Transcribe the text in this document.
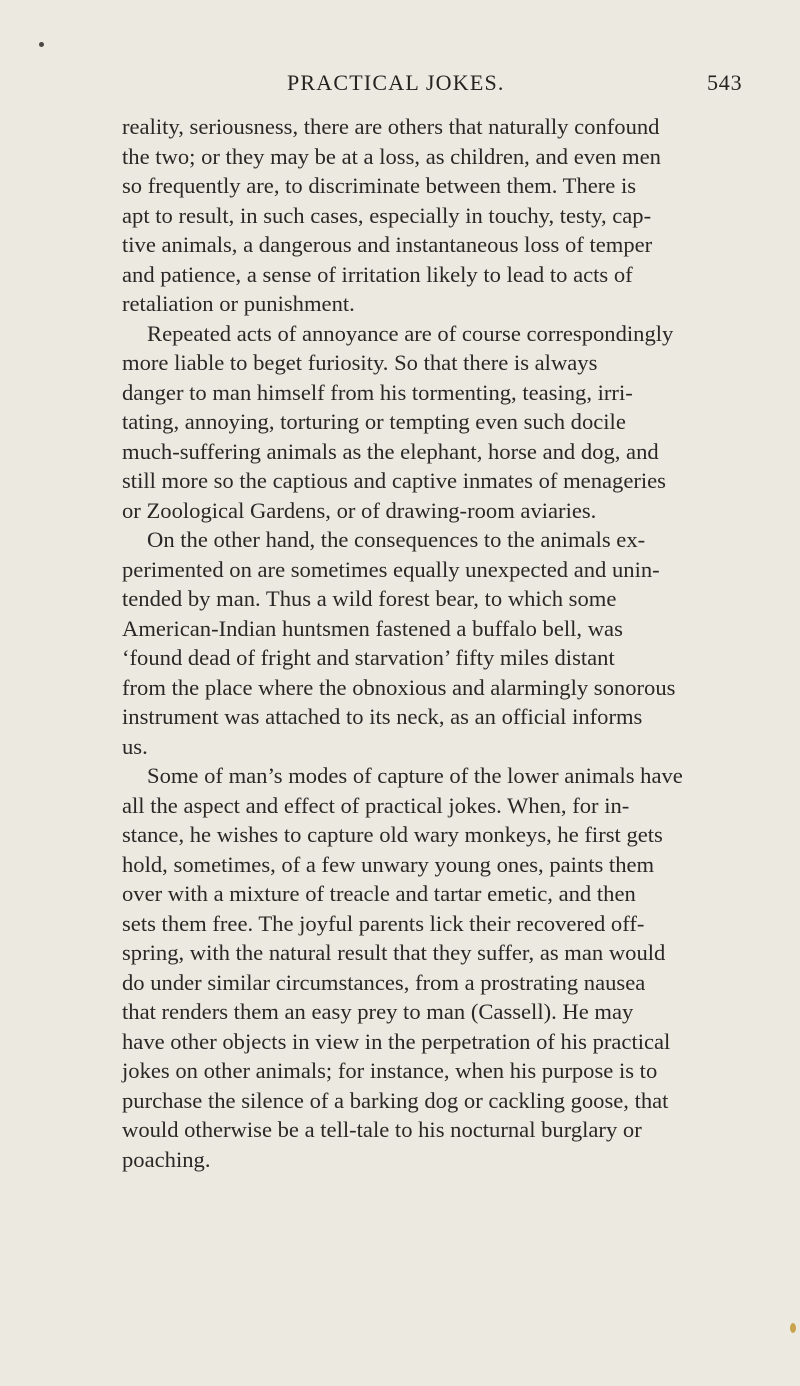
PRACTICAL JOKES.	543
reality, seriousness, there are others that naturally confound
the two; or they may be at a loss, as children, and even men
so frequently are, to discriminate between them. There is
apt to result, in such cases, especially in touchy, testy, cap-
tive animals, a dangerous and instantaneous loss of temper
and patience, a sense of irritation likely to lead to acts of
retaliation or punishment.
Repeated acts of annoyance are of course correspondingly
more liable to beget furiosity. So that there is always
danger to man himself from his tormenting, teasing, irri-
tating, annoying, torturing or tempting even such docile
much-suffering animals as the elephant, horse and dog, and
still more so the captious and captive inmates of menageries
or Zoological Gardens, or of drawing-room aviaries.
On the other hand, the consequences to the animals ex-
perimented on are sometimes equally unexpected and unin-
tended by man. Thus a wild forest bear, to which some
American-Indian huntsmen fastened a buffalo bell, was
‘found dead of fright and starvation’ fifty miles distant
from the place where the obnoxious and alarmingly sonorous
instrument was attached to its neck, as an official informs
us.
Some of man’s modes of capture of the lower animals have
all the aspect and effect of practical jokes. When, for in-
stance, he wishes to capture old wary monkeys, he first gets
hold, sometimes, of a few unwary young ones, paints them
over with a mixture of treacle and tartar emetic, and then
sets them free. The joyful parents lick their recovered off-
spring, with the natural result that they suffer, as man would
do under similar circumstances, from a prostrating nausea
that renders them an easy prey to man (Cassell). He may
have other objects in view in the perpetration of his practical
jokes on other animals; for instance, when his purpose is to
purchase the silence of a barking dog or cackling goose, that
would otherwise be a tell-tale to his nocturnal burglary or
poaching.
